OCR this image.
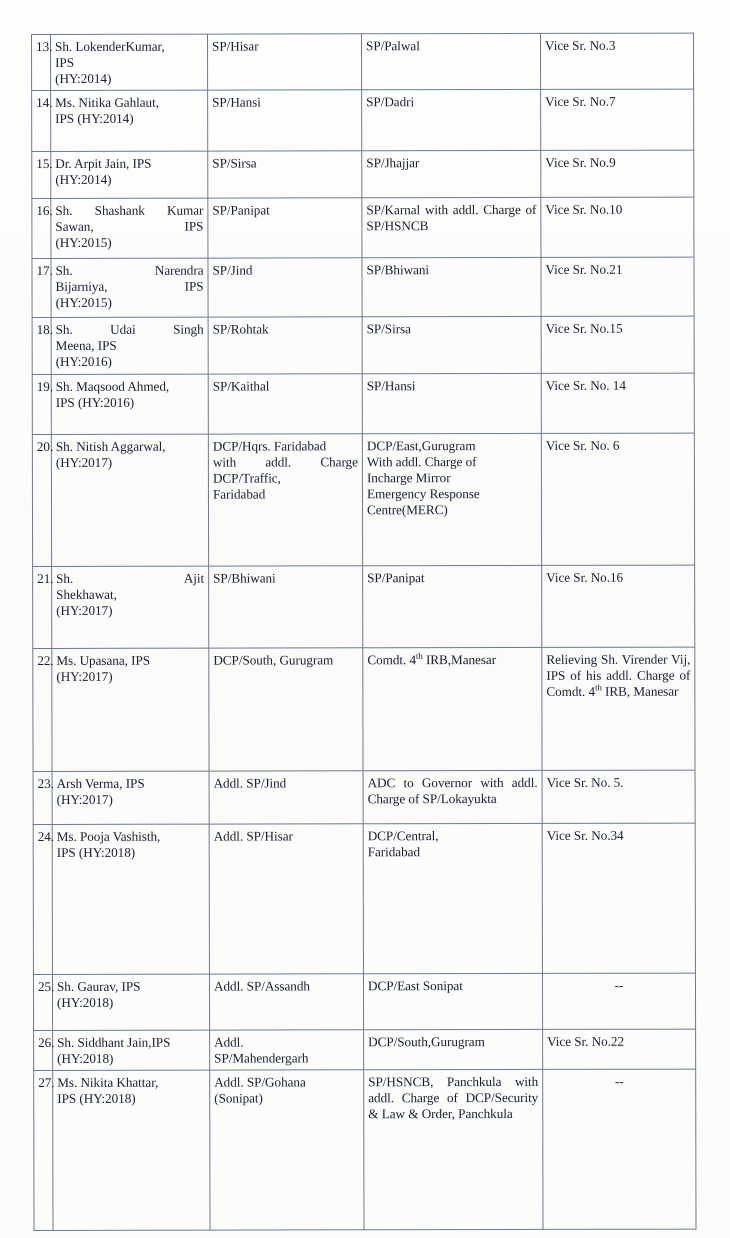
13.	Sh. LokenderKumar,
IPS
(HY:2014)	SP/Hisar	SP/Palwal	Vice Sr. No.3
14.	Ms. Nitika Gahlaut,
IPS (HY:2014)	SP/Hansi	SP/Dadri	Vice Sr. No.7
15.	Dr. Arpit Jain, IPS
(HY:2014)	SP/Sirsa	SP/Jhajjar	Vice Sr. No.9
16.	Sh. Shashank Kumar
Sawan, IPS
(HY:2015)	SP/Panipat	SP/Karnal with addl. Charge of SP/HSNCB	Vice Sr. No.10
17.	Sh. Narendra
Bijarniya, IPS
(HY:2015)	SP/Jind	SP/Bhiwani	Vice Sr. No.21
18.	Sh. Udai Singh
Meena, IPS
(HY:2016)	SP/Rohtak	SP/Sirsa	Vice Sr. No.15
19.	Sh. Maqsood Ahmed,
IPS (HY:2016)	SP/Kaithal	SP/Hansi	Vice Sr. No. 14
20.	Sh. Nitish Aggarwal,
(HY:2017)	DCP/Hqrs. Faridabad
with addl. Charge
DCP/Traffic,
Faridabad	DCP/East,Gurugram
With addl. Charge of
Incharge Mirror
Emergency Response
Centre(MERC)	Vice Sr. No. 6
21.	Sh. Ajit
Shekhawat,
(HY:2017)	SP/Bhiwani	SP/Panipat	Vice Sr. No.16
22.	Ms. Upasana, IPS
(HY:2017)	DCP/South, Gurugram	Comdt. 4th IRB,Manesar	Relieving Sh. Virender Vij, IPS of his addl. Charge of Comdt. 4th IRB, Manesar
23.	Arsh Verma, IPS
(HY:2017)	Addl. SP/Jind	ADC to Governor with addl. Charge of SP/Lokayukta	Vice Sr. No. 5.
24.	Ms. Pooja Vashisth,
IPS (HY:2018)	Addl. SP/Hisar	DCP/Central,
Faridabad	Vice Sr. No.34
25.	Sh. Gaurav, IPS
(HY:2018)	Addl. SP/Assandh	DCP/East Sonipat	--
26.	Sh. Siddhant Jain,IPS
(HY:2018)	Addl.
SP/Mahendergarh	DCP/South,Gurugram	Vice Sr. No.22
27.	Ms. Nikita Khattar,
IPS (HY:2018)	Addl. SP/Gohana
(Sonipat)	SP/HSNCB, Panchkula with addl. Charge of DCP/Security & Law & Order, Panchkula	--
